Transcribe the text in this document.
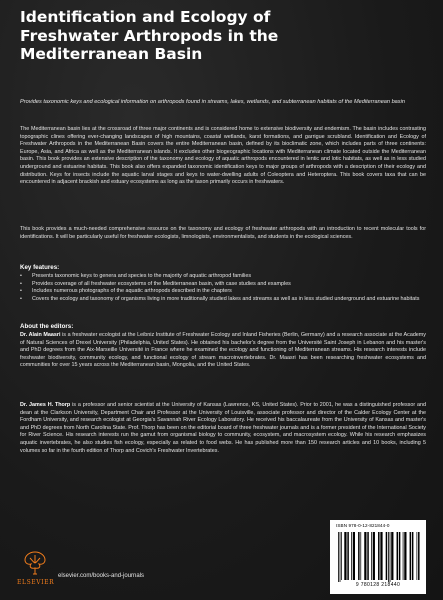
Identification and Ecology of
Freshwater Arthropods in the
Mediterranean Basin

Provides taxonomic keys and ecological information on arthropods found in streams, lakes, wetlands, and subterranean habitats of the Mediterranean basin

The Mediterranean basin lies at the crossroad of three major continents and is considered home to extensive biodiversity and endemism. The basin includes contrasting topographic clines offering ever-changing landscapes of high mountains, coastal wetlands, karst formations, and garrigue scrubland. Identification and Ecology of Freshwater Arthropods in the Mediterranean Basin covers the entire Mediterranean basin, defined by its bioclimatic zone, which includes parts of three continents: Europe, Asia, and Africa as well as the Mediterranean islands. It excludes other biogeographic locations with Mediterranean climate located outside the Mediterranean basin. This book provides an extensive description of the taxonomy and ecology of aquatic arthropods encountered in lentic and lotic habitats, as well as in less studied underground and estuarine habitats. This book also offers expanded taxonomic identification keys to major groups of arthropods with a description of their ecology and distribution. Keys for insects include the aquatic larval stages and keys to water-dwelling adults of Coleoptera and Heteroptera. This book covers taxa that can be encountered in adjacent brackish and estuary ecosystems as long as the taxon primarily occurs in freshwaters.

This book provides a much-needed comprehensive resource on the taxonomy and ecology of freshwater arthropods with an introduction to recent molecular tools for identifications. It will be particularly useful for freshwater ecologists, limnologists, environmentalists, and students in the ecological sciences.

Key features:

• Presents taxonomic keys to genera and species to the majority of aquatic arthropod families
• Provides coverage of all freshwater ecosystems of the Mediterranean basin, with case studies and examples
• Includes numerous photographs of the aquatic arthropods described in the chapters
• Covers the ecology and taxonomy of organisms living in more traditionally studied lakes and streams as well as in less studied underground and estuarine habitats

About the editors:

Dr. Alain Maasri is a freshwater ecologist at the Leibniz Institute of Freshwater Ecology and Inland Fisheries (Berlin, Germany) and a research associate at the Academy of Natural Sciences of Drexel University (Philadelphia, United States). He obtained his bachelor's degree from the Université Saint Joseph in Lebanon and his master's and PhD degrees from the Aix-Marseille Université in France where he examined the ecology and functioning of Mediterranean streams. His research interests include freshwater biodiversity, community ecology, and functional ecology of stream macroinvertebrates. Dr. Maasri has been researching freshwater ecosystems and communities for over 15 years across the Mediterranean basin, Mongolia, and the United States.

Dr. James H. Thorp is a professor and senior scientist at the University of Kansas (Lawrence, KS, United States). Prior to 2001, he was a distinguished professor and dean at the Clarkson University, Department Chair and Professor at the University of Louisville, associate professor and director of the Calder Ecology Center at the Fordham University, and research ecologist at Georgia's Savannah River Ecology Laboratory. He received his baccalaureate from the University of Kansas and master's and PhD degrees from North Carolina State. Prof. Thorp has been on the editorial board of three freshwater journals and is a former president of the International Society for River Science. His research interests run the gamut from organismal biology to community, ecosystem, and macrosystem ecology. While his research emphasizes aquatic invertebrates, he also studies fish ecology, especially as related to food webs. He has published more than 150 research articles and 10 books, including 5 volumes so far in the fourth edition of Thorp and Covich's Freshwater Invertebrates.

ISBN 978-0-12-821844-0
9 780128 218440
ELSEVIER
elsevier.com/books-and-journals
